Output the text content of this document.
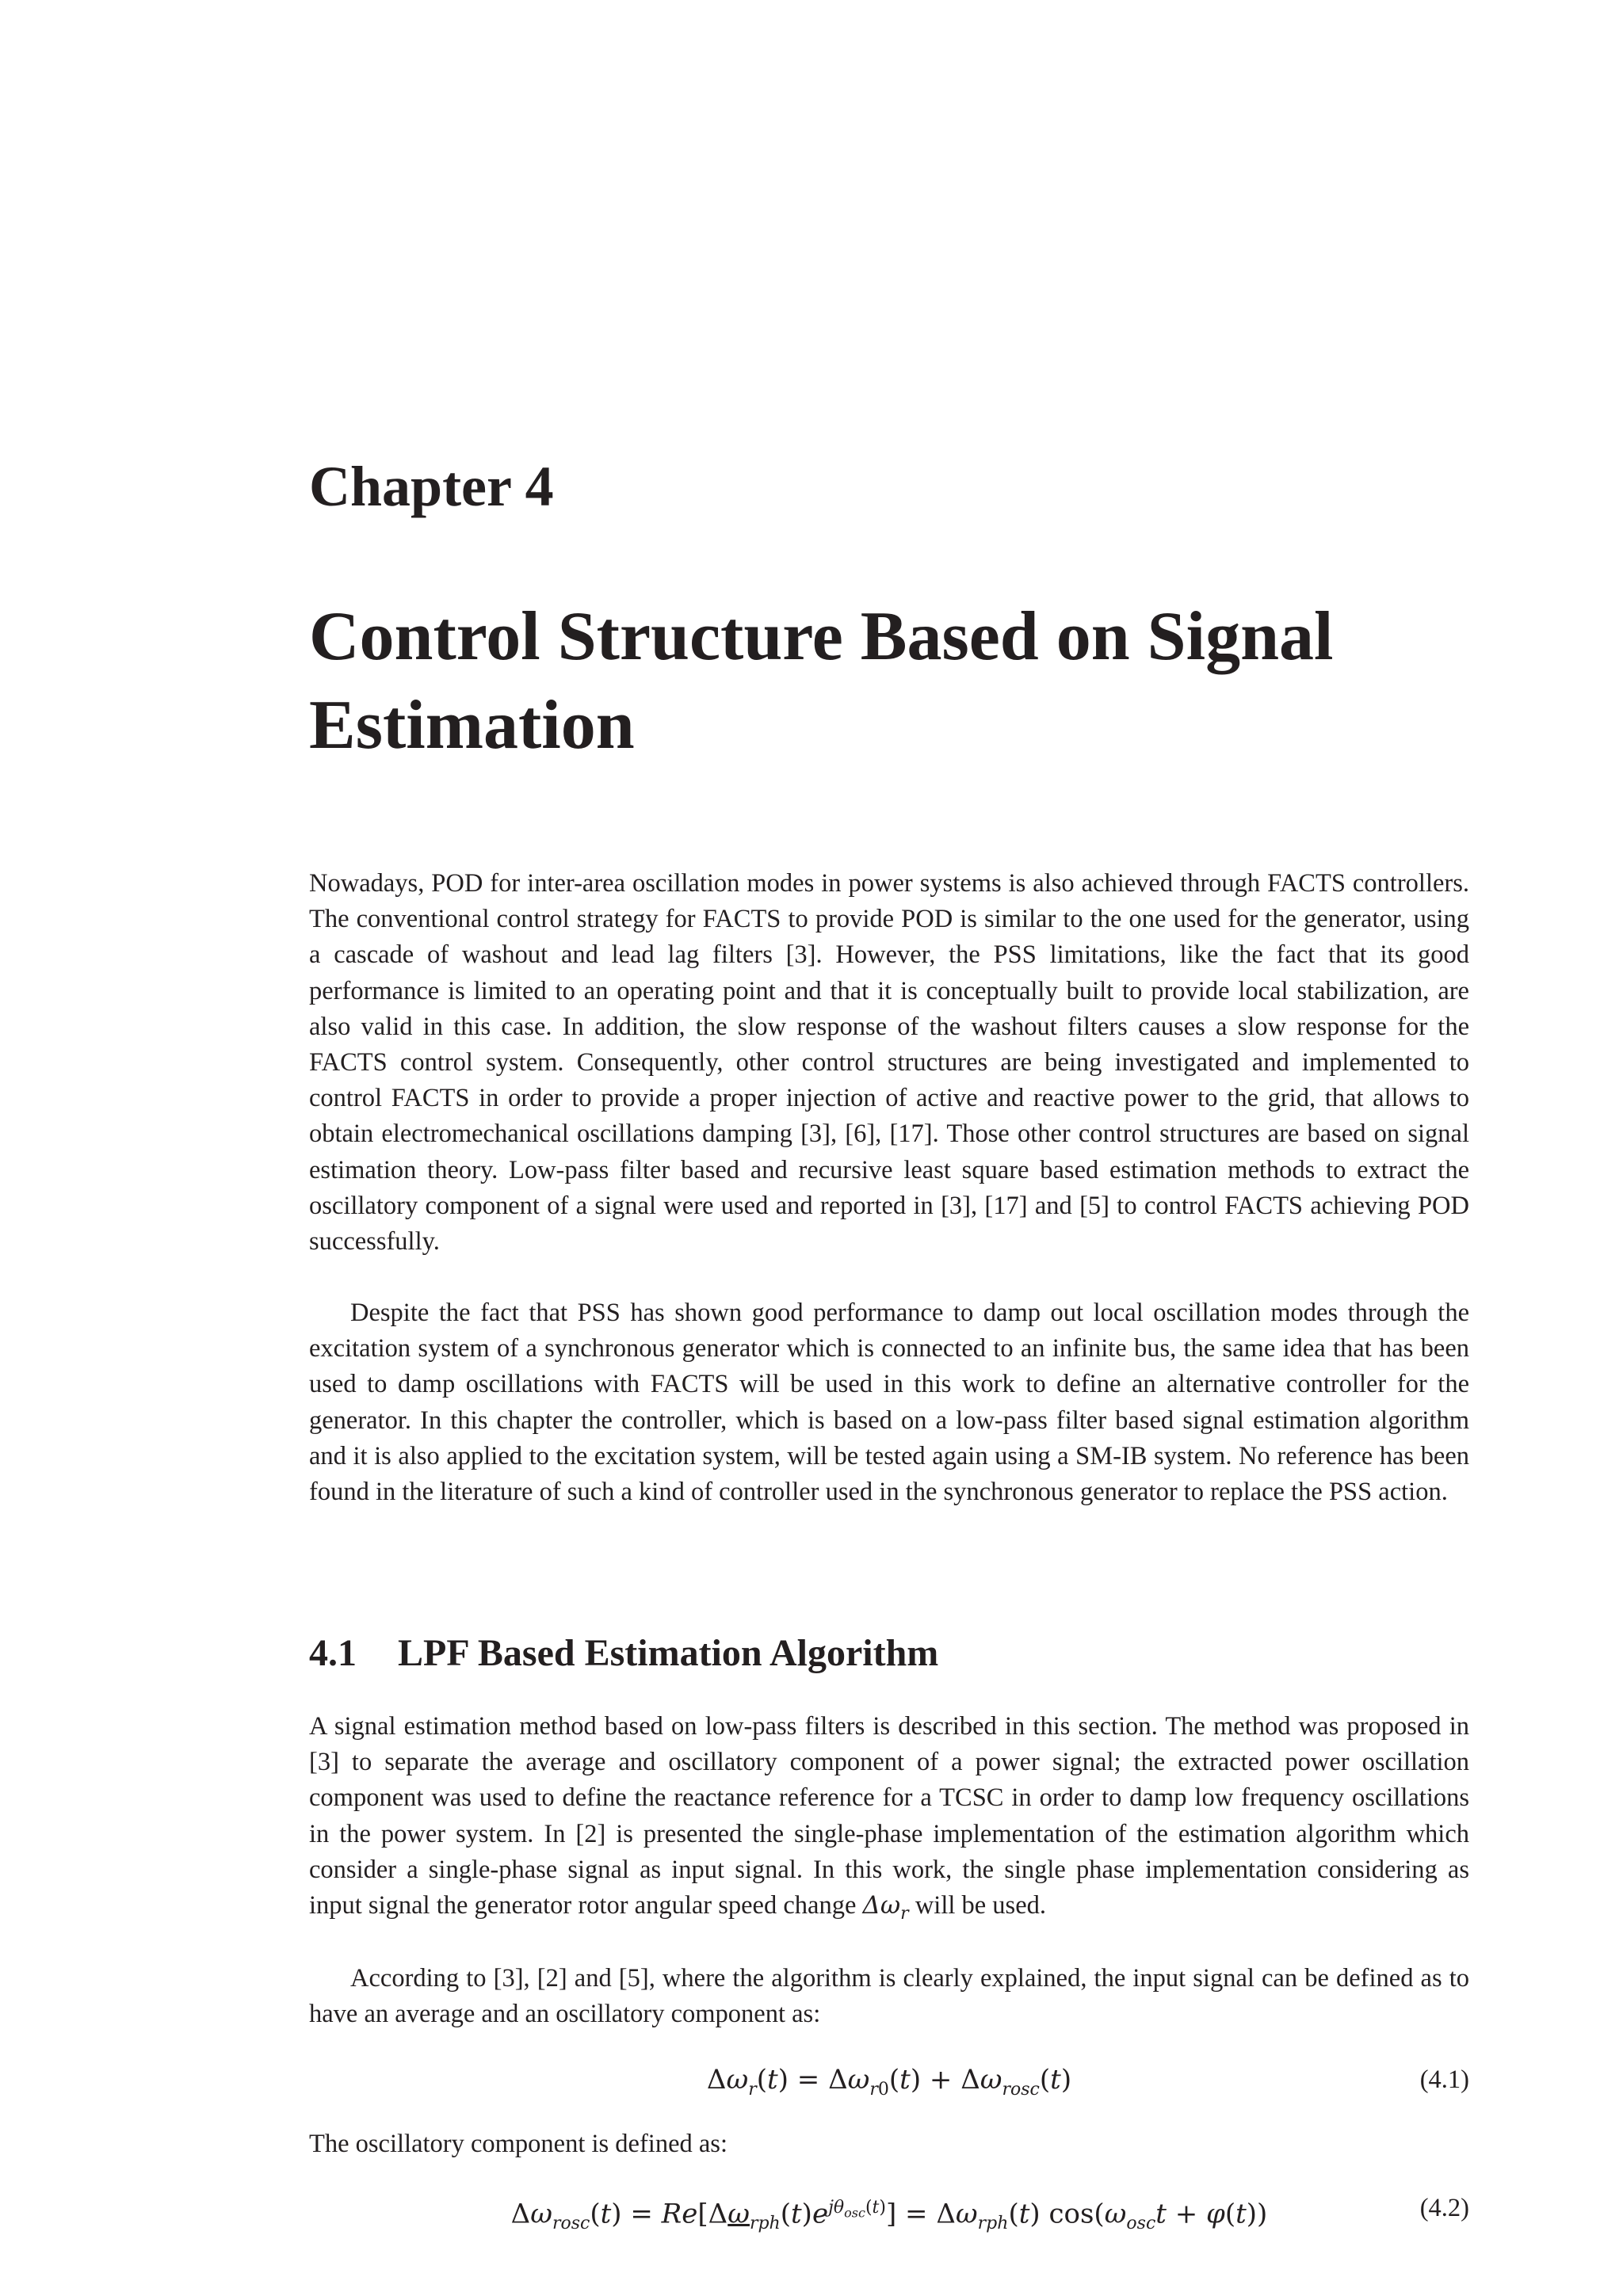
Chapter 4
Control Structure Based on Signal Estimation

Nowadays, POD for inter-area oscillation modes in power systems is also achieved through FACTS controllers. The conventional control strategy for FACTS to provide POD is similar to the one used for the generator, using a cascade of washout and lead lag filters [3]. However, the PSS limitations, like the fact that its good performance is limited to an operating point and that it is conceptually built to provide local stabilization, are also valid in this case. In addition, the slow response of the washout filters causes a slow response for the FACTS control system. Consequently, other control structures are being investigated and implemented to control FACTS in order to provide a proper injection of active and reactive power to the grid, that allows to obtain electromechanical oscillations damping [3], [6], [17]. Those other control structures are based on signal estimation theory. Low-pass filter based and recursive least square based estimation methods to extract the oscillatory component of a signal were used and reported in [3], [17] and [5] to control FACTS achieving POD successfully.

Despite the fact that PSS has shown good performance to damp out local oscillation modes through the excitation system of a synchronous generator which is connected to an infinite bus, the same idea that has been used to damp oscillations with FACTS will be used in this work to define an alternative controller for the generator. In this chapter the controller, which is based on a low-pass filter based signal estimation algorithm and it is also applied to the excitation system, will be tested again using a SM-IB system. No reference has been found in the literature of such a kind of controller used in the synchronous generator to replace the PSS action.

4.1	LPF Based Estimation Algorithm

A signal estimation method based on low-pass filters is described in this section. The method was proposed in [3] to separate the average and oscillatory component of a power signal; the extracted power oscillation component was used to define the reactance reference for a TCSC in order to damp low frequency oscillations in the power system. In [2] is presented the single-phase implementation of the estimation algorithm which consider a single-phase signal as input signal. In this work, the single phase implementation considering as input signal the generator rotor angular speed change $\Delta\omega_r$ will be used.

According to [3], [2] and [5], where the algorithm is clearly explained, the input signal can be defined as to have an average and an oscillatory component as:

$\Delta\omega_r(t) = \Delta\omega_{r0}(t) + \Delta\omega_{rosc}(t)$	(4.1)

The oscillatory component is defined as:

$\Delta\omega_{rosc}(t) = Re[\Delta\omega_{rph}(t)e^{j\theta_{osc}(t)}] = \Delta\omega_{rph}(t) \cos(\omega_{osc}t + \varphi(t))$	(4.2)
